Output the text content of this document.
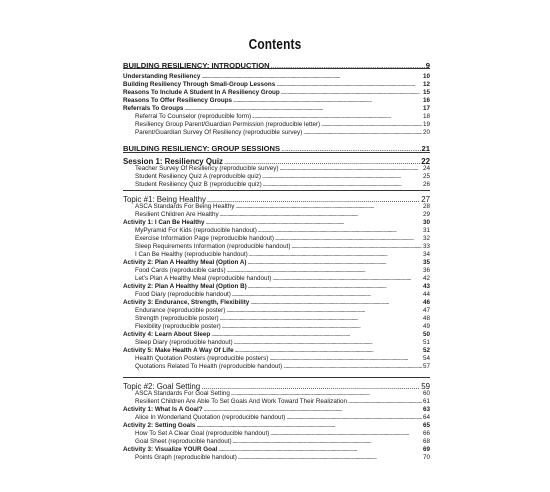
Contents
BUILDING RESILIENCY: INTRODUCTION . . .	9
Understanding Resiliency . . .	10
Building Resiliency Through Small-Group Lessons . . .	12
Reasons To Include A Student In A Resiliency Group . . .	15
Reasons To Offer Resiliency Groups . . .	16
Referrals To Groups . . .	17
Referral To Counselor (reproducible form) . . .	18
Resiliency Group Parent/Guardian Permission (reproducible letter) . . .	19
Parent/Guardian Survey Of Resiliency (reproducible survey) . . .	20
BUILDING RESILIENCY: GROUP SESSIONS . . .	21
Session 1: Resiliency Quiz . . .	22
Teacher Survey Of Resiliency (reproducible survey) . . .	24
Student Resiliency Quiz A (reproducible quiz) . . .	25
Student Resiliency Quiz B (reproducible quiz) . . .	26
Topic #1: Being Healthy . . .	27
ASCA Standards For Being Healthy . . .	28
Resilient Children Are Healthy . . .	29
Activity 1: I Can Be Healthy . . .	30
MyPyramid For Kids (reproducible handout) . . .	31
Exercise Information Page (reproducible handout) . . .	32
Sleep Requirements Information (reproducible handout) . . .	33
I Can Be Healthy (reproducible handout) . . .	34
Activity 2: Plan A Healthy Meal (Option A) . . .	35
Food Cards (reproducible cards) . . .	36
Let’s Plan A Healthy Meal (reproducible handout) . . .	42
Activity 2: Plan A Healthy Meal (Option B) . . .	43
Food Diary (reproducible handout) . . .	44
Activity 3: Endurance, Strength, Flexibility . . .	46
Endurance (reproducible poster) . . .	47
Strength (reproducible poster) . . .	48
Flexibility (reproducible poster) . . .	49
Activity 4: Learn About Sleep . . .	50
Sleep Diary (reproducible handout) . . .	51
Activity 5: Make Health A Way Of Life . . .	52
Health Quotation Posters (reproducible posters) . . .	54
Quotations Related To Health (reproducible handout) . . .	57
Topic #2: Goal Setting . . .	59
ASCA Standards For Goal Setting . . .	60
Resilient Children Are Able To Set Goals And Work Toward Their Realization . . .	61
Activity 1: What Is A Goal? . . .	63
Alice In Wonderland Quotation (reproducible handout) . . .	64
Activity 2: Setting Goals . . .	65
How To Set A Clear Goal (reproducible handout) . . .	66
Goal Sheet (reproducible handout) . . .	68
Activity 3: Visualize YOUR Goal . . .	69
Points Graph (reproducible handout) . . .	70
